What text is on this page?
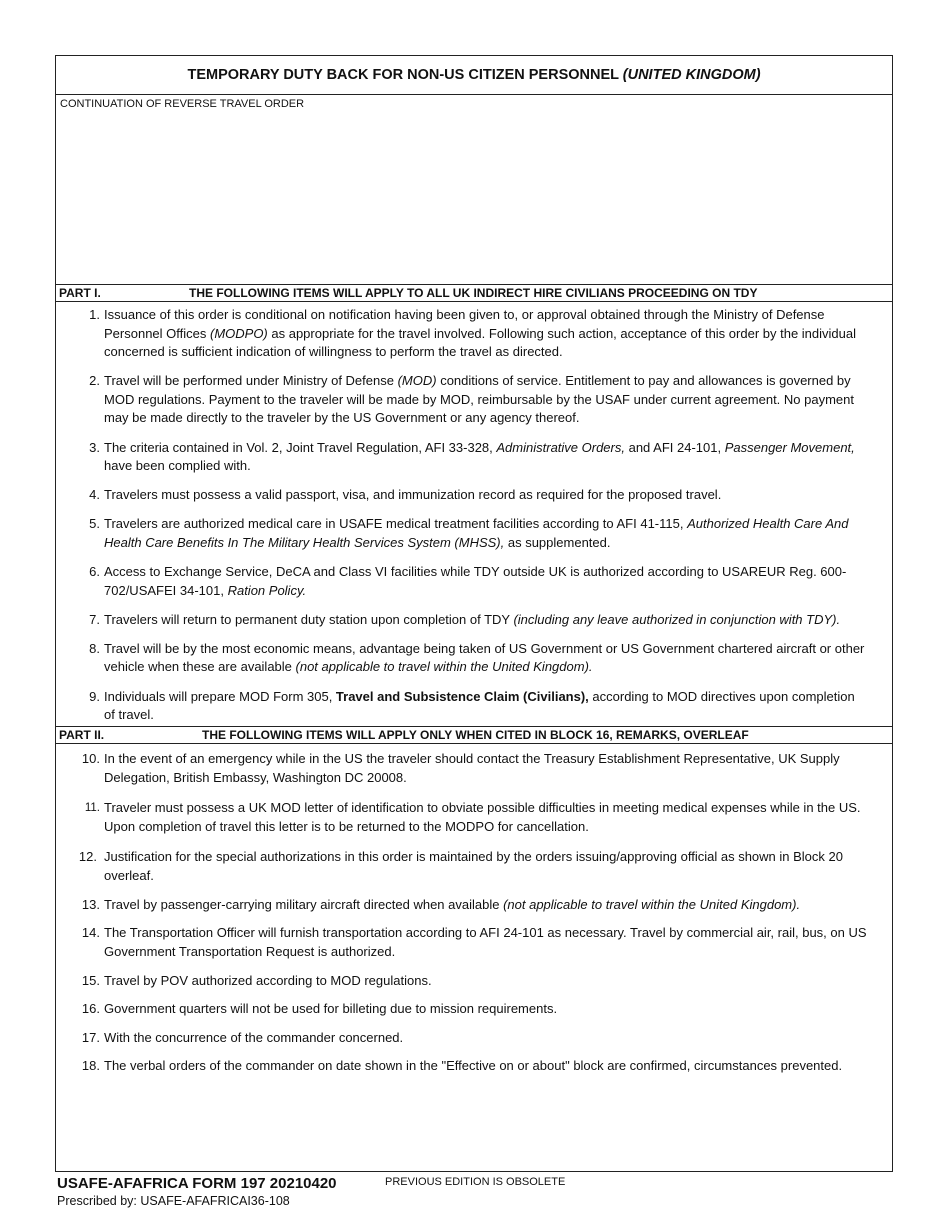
TEMPORARY DUTY BACK FOR NON-US CITIZEN PERSONNEL (UNITED KINGDOM)
CONTINUATION OF REVERSE TRAVEL ORDER
PART I.	THE FOLLOWING ITEMS WILL APPLY TO ALL UK INDIRECT HIRE CIVILIANS PROCEEDING ON TDY
1. Issuance of this order is conditional on notification having been given to, or approval obtained through the Ministry of Defense Personnel Offices (MODPO) as appropriate for the travel involved. Following such action, acceptance of this order by the individual concerned is sufficient indication of willingness to perform the travel as directed.
2. Travel will be performed under Ministry of Defense (MOD) conditions of service. Entitlement to pay and allowances is governed by MOD regulations. Payment to the traveler will be made by MOD, reimbursable by the USAF under current agreement. No payment may be made directly to the traveler by the US Government or any agency thereof.
3. The criteria contained in Vol. 2, Joint Travel Regulation, AFI 33-328, Administrative Orders, and AFI 24-101, Passenger Movement, have been complied with.
4. Travelers must possess a valid passport, visa, and immunization record as required for the proposed travel.
5. Travelers are authorized medical care in USAFE medical treatment facilities according to AFI 41-115, Authorized Health Care And Health Care Benefits In The Military Health Services System (MHSS), as supplemented.
6. Access to Exchange Service, DeCA and Class VI facilities while TDY outside UK is authorized according to USAREUR Reg. 600-702/USAFEI 34-101, Ration Policy.
7. Travelers will return to permanent duty station upon completion of TDY (including any leave authorized in conjunction with TDY).
8. Travel will be by the most economic means, advantage being taken of US Government or US Government chartered aircraft or other vehicle when these are available (not applicable to travel within the United Kingdom).
9. Individuals will prepare MOD Form 305, Travel and Subsistence Claim (Civilians), according to MOD directives upon completion of travel.
PART II.	THE FOLLOWING ITEMS WILL APPLY ONLY WHEN CITED IN BLOCK 16, REMARKS, OVERLEAF
10. In the event of an emergency while in the US the traveler should contact the Treasury Establishment Representative, UK Supply Delegation, British Embassy, Washington DC 20008.
11. Traveler must possess a UK MOD letter of identification to obviate possible difficulties in meeting medical expenses while in the US. Upon completion of travel this letter is to be returned to the MODPO for cancellation.
12. Justification for the special authorizations in this order is maintained by the orders issuing/approving official as shown in Block 20 overleaf.
13. Travel by passenger-carrying military aircraft directed when available (not applicable to travel within the United Kingdom).
14. The Transportation Officer will furnish transportation according to AFI 24-101 as necessary. Travel by commercial air, rail, bus, on US Government Transportation Request is authorized.
15. Travel by POV authorized according to MOD regulations.
16. Government quarters will not be used for billeting due to mission requirements.
17. With the concurrence of the commander concerned.
18. The verbal orders of the commander on date shown in the "Effective on or about" block are confirmed, circumstances prevented.
USAFE-AFAFRICA FORM 197 20210420
Prescribed by: USAFE-AFAFRICAI36-108
PREVIOUS EDITION IS OBSOLETE
